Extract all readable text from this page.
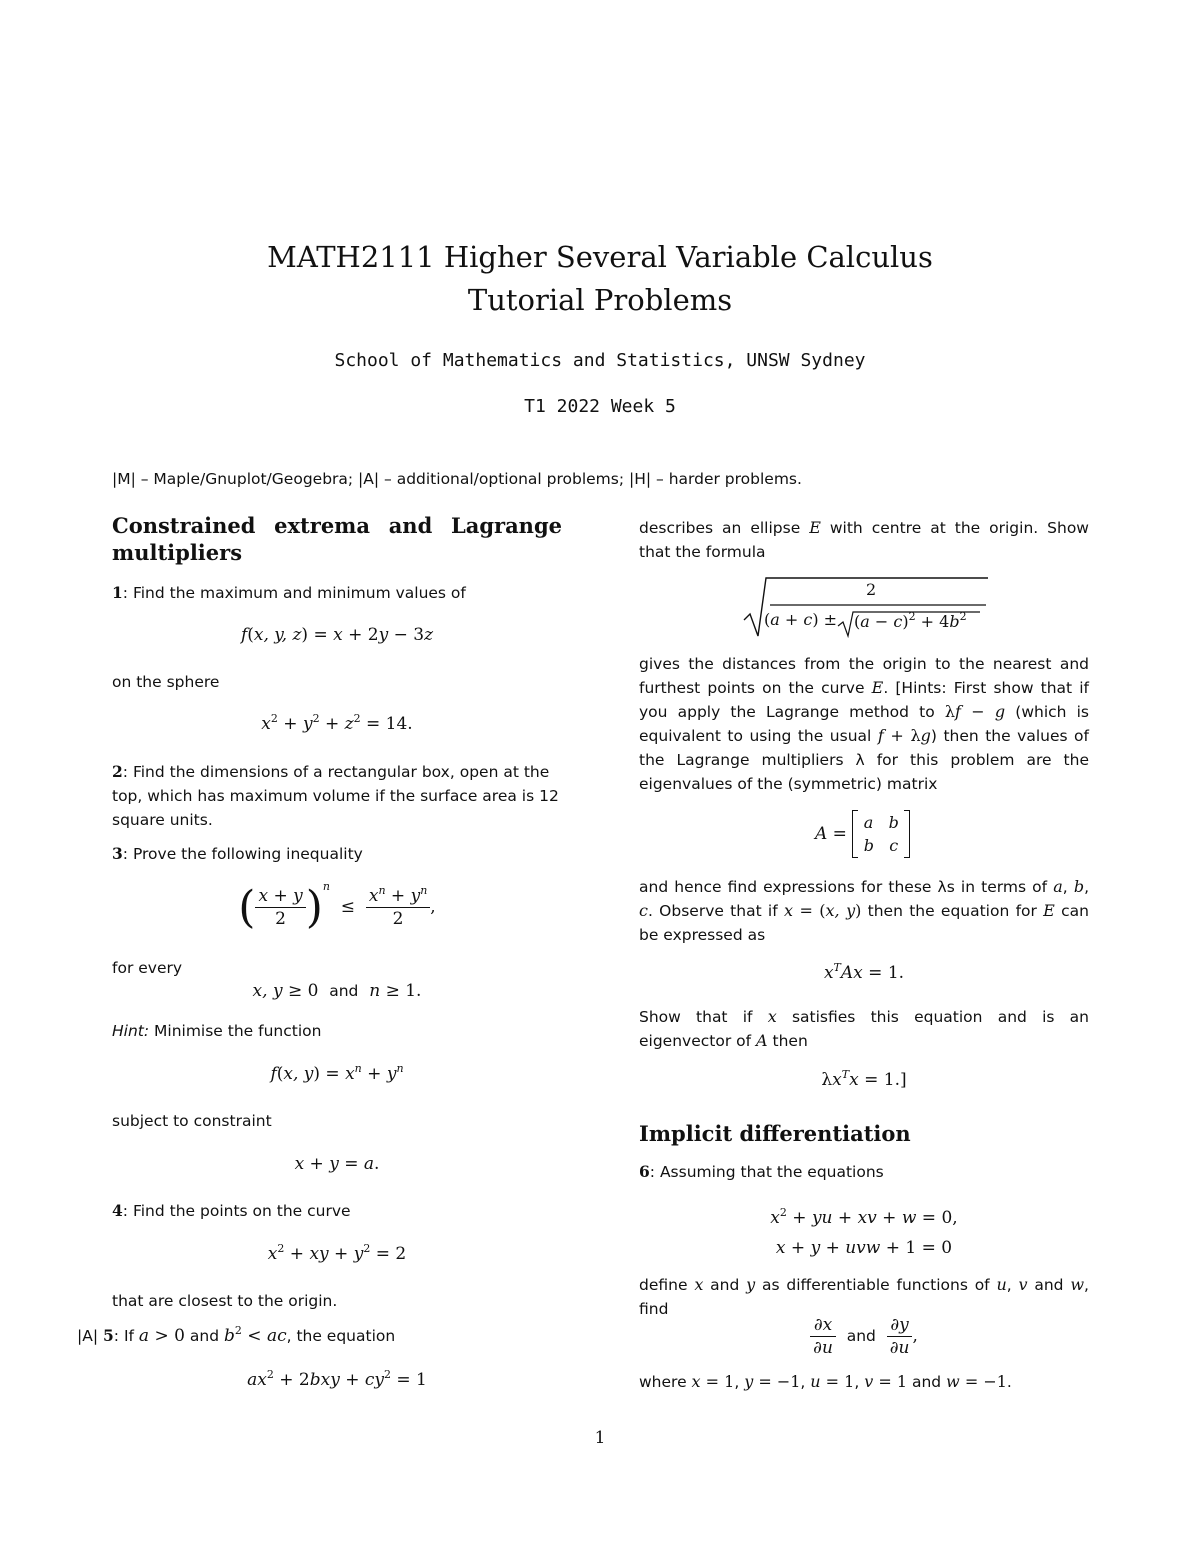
MATH2111 Higher Several Variable Calculus
Tutorial Problems
School of Mathematics and Statistics, UNSW Sydney
T1 2022 Week 5
|M| – Maple/Gnuplot/Geogebra; |A| – additional/optional problems; |H| – harder problems.
Constrained extrema and Lagrange multipliers
1: Find the maximum and minimum values of
f(x, y, z) = x + 2y − 3z
on the sphere
$x^2 + y^2 + z^2 = 14$.
2: Find the dimensions of a rectangular box, open at the top, which has maximum volume if the surface area is 12 square units.
3: Prove the following inequality
( $\frac{x + y}{2} )^n \le \frac{x^n + y^n}{2}$ ,
for every
x, y ≥ 0  and n ≥ 1.
Hint: Minimise the function
f(x, $y) = x^n + y^n$
subject to constraint
x + y = a.
4: Find the points on the curve
$x^2$ + xy + $y^2 = 2$
that are closest to the origin.
|A| 5: If a > 0 and $b^2$ < ac, the equation
$ax^2 + 2bxy + cy^2 = 1$
describes an ellipse E with centre at the origin. Show that the formula
2
$(a + c) \pm (a - c)^2 + 4b^2$
gives the distances from the origin to the nearest and furthest points on the curve E. [Hints: First show that if you apply the Lagrange method to λf − g (which is equivalent to using the usual f + λg) then the values of the Lagrange multipliers λ for this problem are the eigenvalues of the (symmetric) matrix
A =  a b
b c
and hence find expressions for these λs in terms of a, b, c. Observe that if x = (x, y) then the equation for E can be expressed as
$x^TAx = 1$.
Show that if x satisfies this equation and is an eigenvector of A then
$\lambda x^Tx = 1$.]
Implicit differentiation
6: Assuming that the equations
$x^2$ + yu + xv + w = 0,
x + y + uvw + 1 = 0
define x and y as differentiable functions of u, v and w, find
$\frac{\partial x}{\partial u}$ and $\frac{\partial y}{\partial u}$ ,
where x = 1, y = −1, u = 1, v = 1 and w = −1.
1
